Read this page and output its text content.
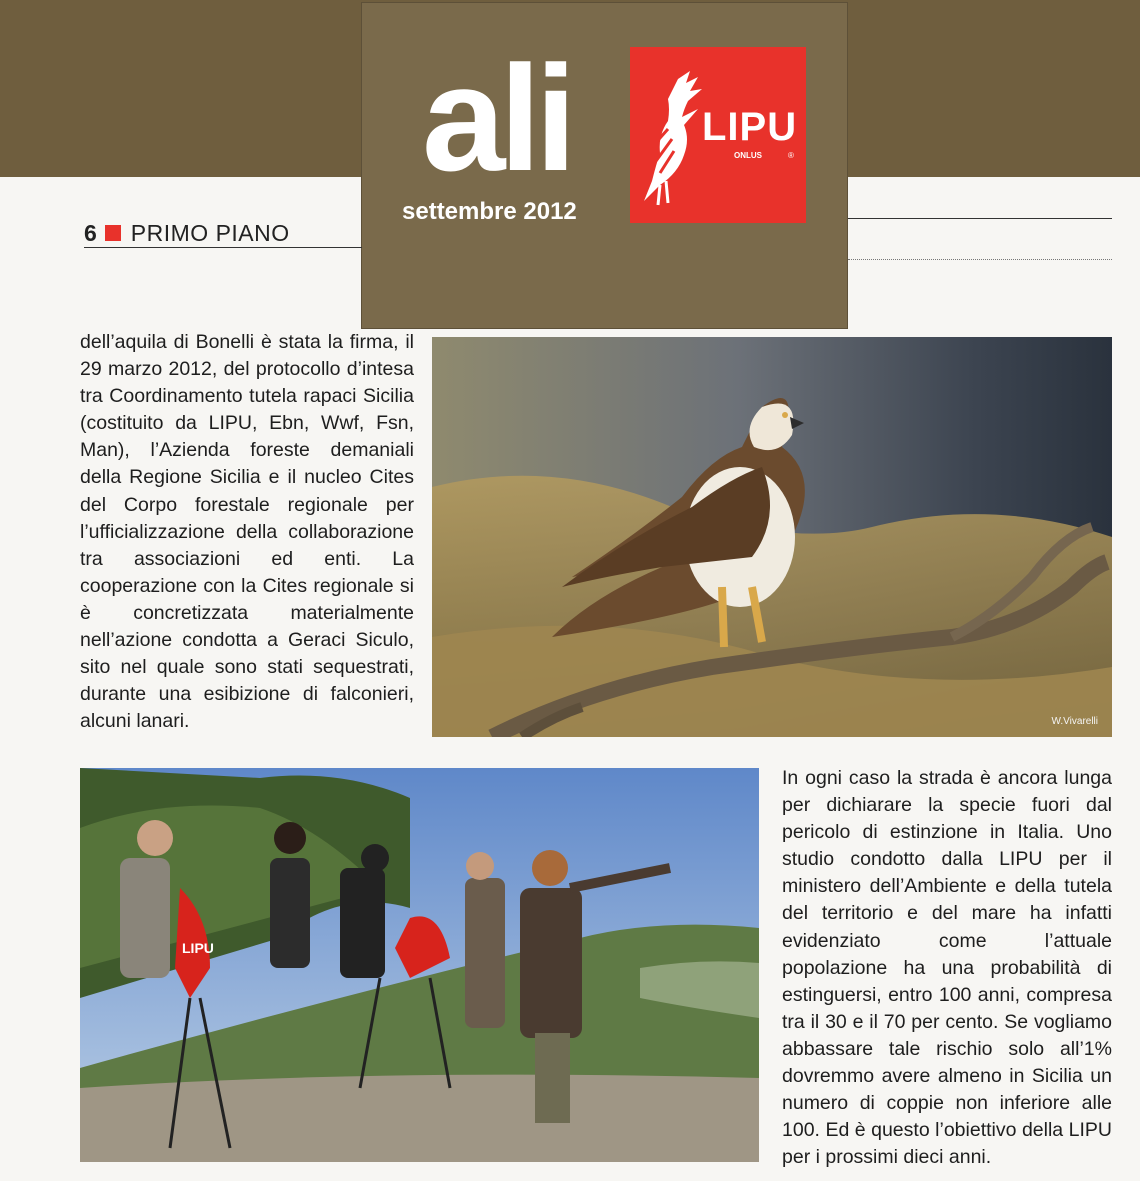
ali
settembre 2012
LIPU
ONLUS	®
6 PRIMO PIANO

dell’aquila di Bonelli è stata la firma, il 29 marzo 2012, del protocollo d’intesa tra Coordinamento tutela rapaci Sicilia (costituito da LIPU, Ebn, Wwf, Fsn, Man), l’Azienda foreste demaniali della Regione Sicilia e il nucleo Cites del Corpo forestale regionale per l’ufficializzazione della collaborazione tra associazioni ed enti. La cooperazione con la Cites regionale si è concretizzata materialmente nell’azione condotta a Geraci Siculo, sito nel quale sono stati sequestrati, durante una esibizione di falconieri, alcuni lanari.	W.Vivarelli
LIPU

In ogni caso la strada è ancora lunga per dichiarare la specie fuori dal pericolo di estinzione in Italia. Uno studio condotto dalla LIPU per il ministero dell’Ambiente e della tutela del territorio e del mare ha infatti evidenziato come l’attuale popolazione ha una probabilità di estinguersi, entro 100 anni, compresa tra il 30 e il 70 per cento. Se vogliamo abbassare tale rischio solo all’1% dovremmo avere almeno in Sicilia un numero di coppie non inferiore alle 100. Ed è questo l’obiettivo della LIPU per i prossimi dieci anni.
